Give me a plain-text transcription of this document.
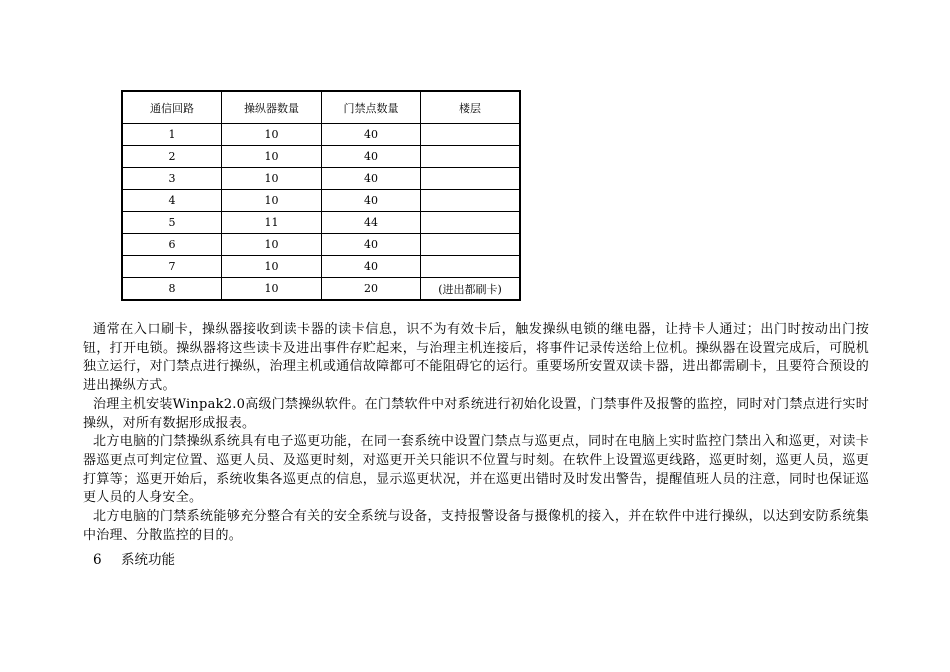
通信回路	操纵器数量	门禁点数量	楼层
1	10	40	
2	10	40	
3	10	40	
4	10	40	
5	11	44	
6	10	40	
7	10	40	
8	10	20	(进出都刷卡)

通常在入口刷卡，操纵器接收到读卡器的读卡信息，识不为有效卡后，触发操纵电锁的继电器，让持卡人通过；出门时按动出门按钮，打开电锁。操纵器将这些读卡及进出事件存贮起来，与治理主机连接后，将事件记录传送给上位机。操纵器在设置完成后，可脱机独立运行，对门禁点进行操纵，治理主机或通信故障都可不能阻碍它的运行。重要场所安置双读卡器，进出都需刷卡，且要符合预设的进出操纵方式。

治理主机安装Winpak2.0高级门禁操纵软件。在门禁软件中对系统进行初始化设置，门禁事件及报警的监控，同时对门禁点进行实时操纵，对所有数据形成报表。

北方电脑的门禁操纵系统具有电子巡更功能，在同一套系统中设置门禁点与巡更点，同时在电脑上实时监控门禁出入和巡更，对读卡器巡更点可判定位置、巡更人员、及巡更时刻，对巡更开关只能识不位置与时刻。在软件上设置巡更线路，巡更时刻，巡更人员，巡更打算等；巡更开始后，系统收集各巡更点的信息，显示巡更状况，并在巡更出错时及时发出警告，提醒值班人员的注意，同时也保证巡更人员的人身安全。

北方电脑的门禁系统能够充分整合有关的安全系统与设备，支持报警设备与摄像机的接入，并在软件中进行操纵，以达到安防系统集中治理、分散监控的目的。

6 系统功能
